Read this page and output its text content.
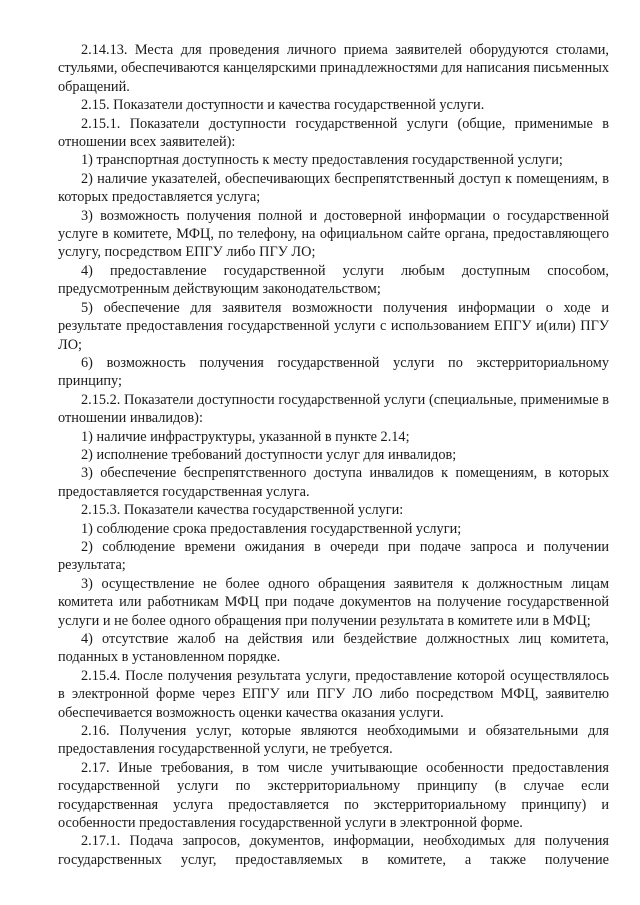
2.14.13. Места для проведения личного приема заявителей оборудуются столами, стульями, обеспечиваются канцелярскими принадлежностями для написания письменных обращений.

2.15. Показатели доступности и качества государственной услуги.

2.15.1. Показатели доступности государственной услуги (общие, применимые в отношении всех заявителей):

1) транспортная доступность к месту предоставления государственной услуги;

2) наличие указателей, обеспечивающих беспрепятственный доступ к помещениям, в которых предоставляется услуга;

3) возможность получения полной и достоверной информации о государственной услуге в комитете, МФЦ, по телефону, на официальном сайте органа, предоставляющего услугу, посредством ЕПГУ либо ПГУ ЛО;

4) предоставление государственной услуги любым доступным способом, предусмотренным действующим законодательством;

5) обеспечение для заявителя возможности получения информации о ходе и результате предоставления государственной услуги с использованием ЕПГУ и(или) ПГУ ЛО;

6) возможность получения государственной услуги по экстерриториальному принципу;

2.15.2. Показатели доступности государственной услуги (специальные, применимые в отношении инвалидов):

1) наличие инфраструктуры, указанной в пункте 2.14;

2) исполнение требований доступности услуг для инвалидов;

3) обеспечение беспрепятственного доступа инвалидов к помещениям, в которых предоставляется государственная услуга.

2.15.3. Показатели качества государственной услуги:

1) соблюдение срока предоставления государственной услуги;

2) соблюдение времени ожидания в очереди при подаче запроса и получении результата;

3) осуществление не более одного обращения заявителя к должностным лицам комитета или работникам МФЦ при подаче документов на получение государственной услуги и не более одного обращения при получении результата в комитете или в МФЦ;

4) отсутствие жалоб на действия или бездействие должностных лиц комитета, поданных в установленном порядке.

2.15.4. После получения результата услуги, предоставление которой осуществлялось в электронной форме через ЕПГУ или ПГУ ЛО либо посредством МФЦ, заявителю обеспечивается возможность оценки качества оказания услуги.

2.16. Получения услуг, которые являются необходимыми и обязательными для предоставления государственной услуги, не требуется.

2.17. Иные требования, в том числе учитывающие особенности предоставления государственной услуги по экстерриториальному принципу (в случае если государственная услуга предоставляется по экстерриториальному принципу) и особенности предоставления государственной услуги в электронной форме.

2.17.1. Подача запросов, документов, информации, необходимых для получения государственных услуг, предоставляемых в комитете, а также получение
